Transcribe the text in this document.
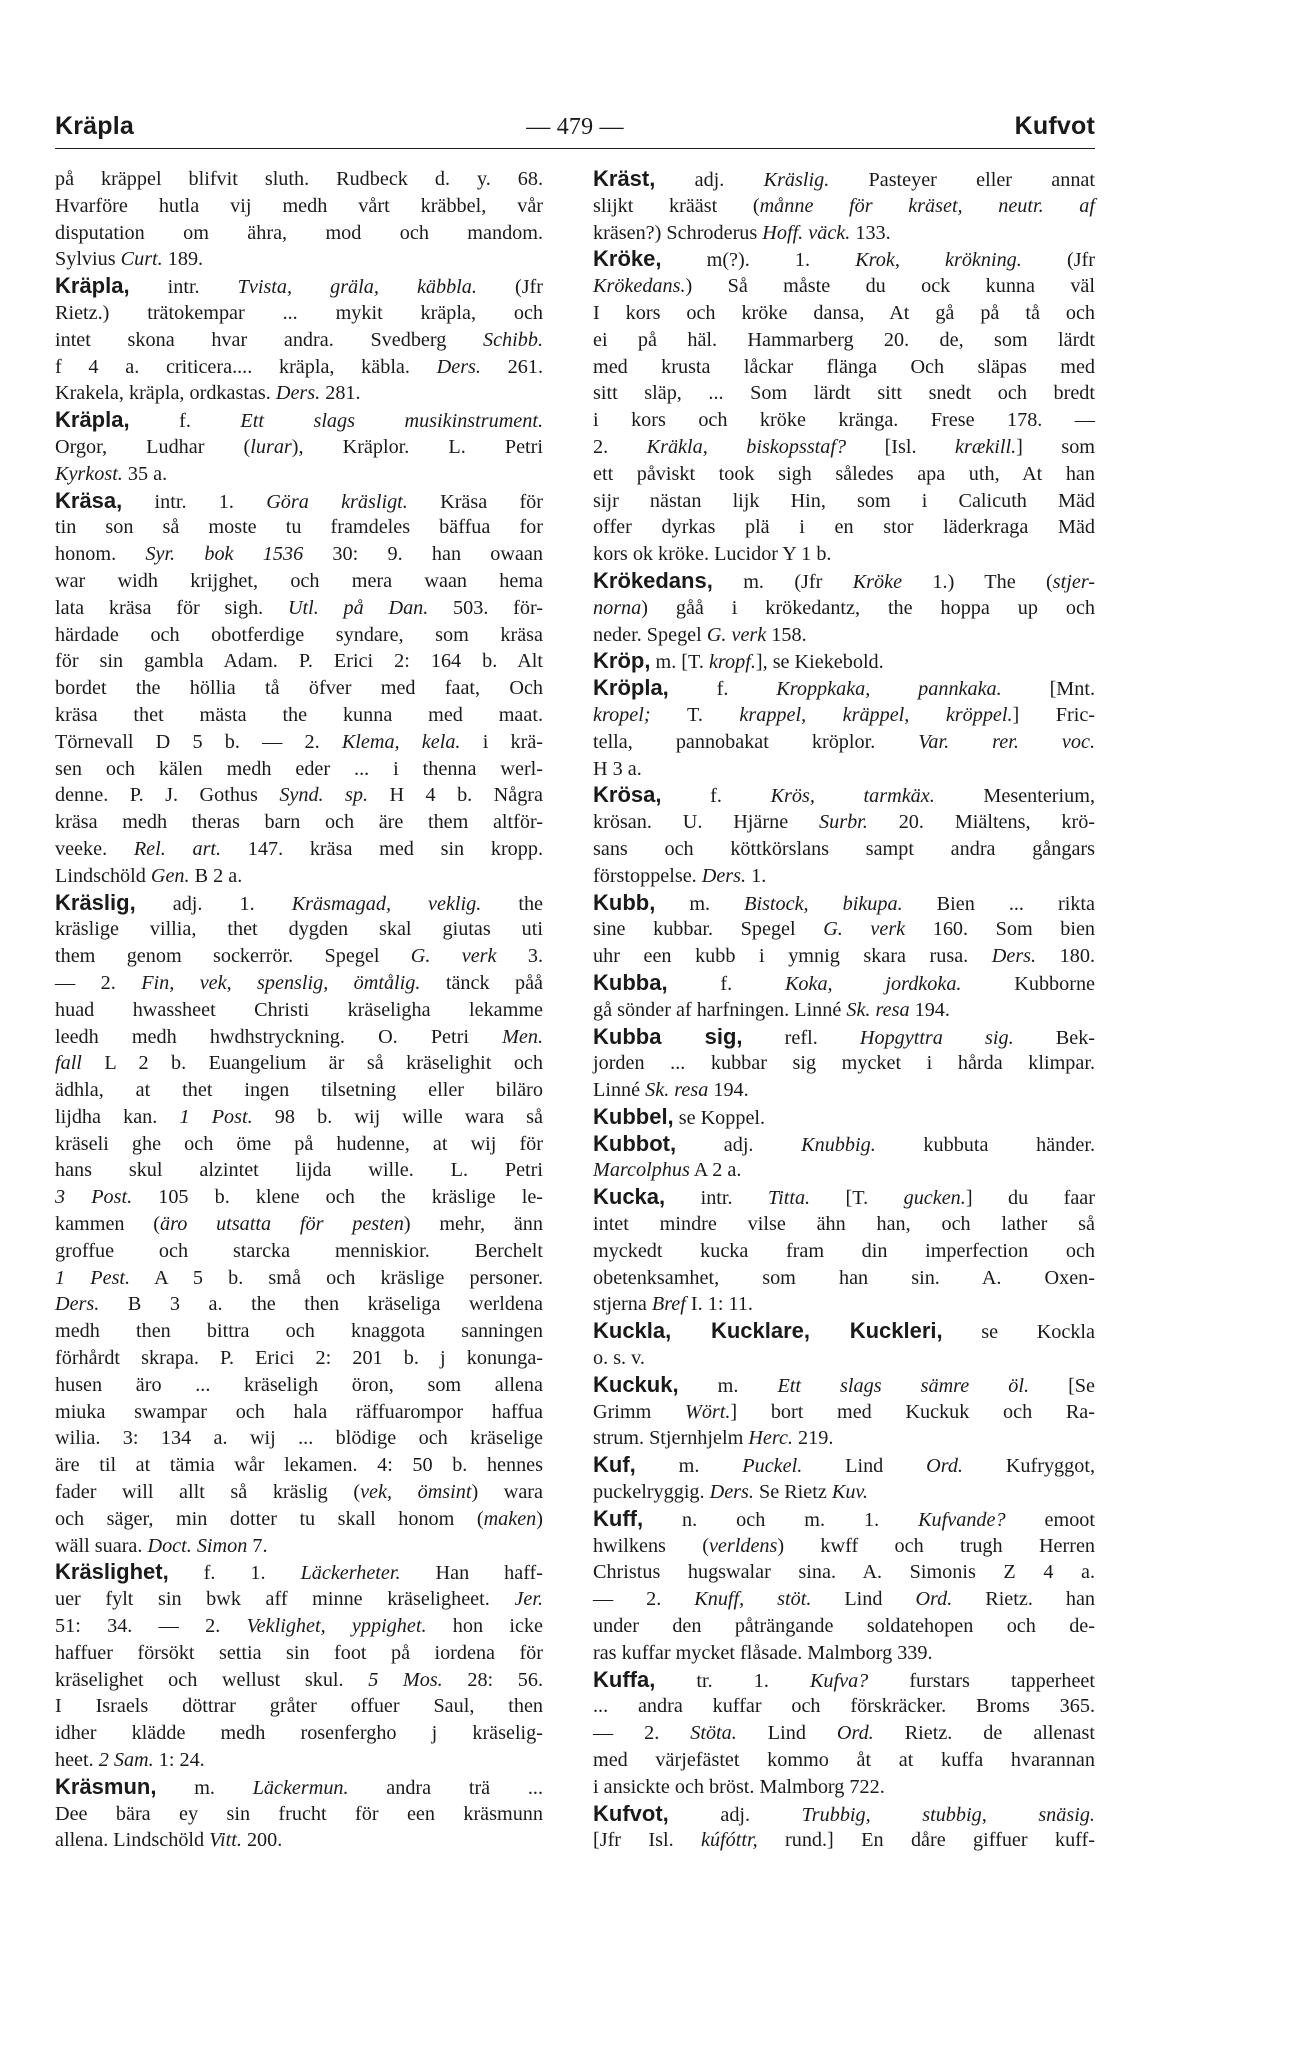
Kräpla	— 479 —	Kufvot
på kräppel blifvit sluth. Rudbeck d. y. 68.
Hvarföre hutla vij medh vårt kräbbel, vår
disputation om ähra, mod och mandom.
Sylvius Curt. 189.
Kräpla, intr. Tvista, gräla, käbbla. (Jfr
Rietz.) trätokempar ... mykit kräpla, och
intet skona hvar andra. Svedberg Schibb.
f 4 a. criticera.... kräpla, käbla. Ders. 261.
Krakela, kräpla, ordkastas. Ders. 281.
Kräpla, f. Ett slags musikinstrument.
Orgor, Ludhar (lurar), Kräplor. L. Petri
Kyrkost. 35 a.
Kräsa, intr. 1. Göra kräsligt. Kräsa för
tin son så moste tu framdeles bäffua for
honom. Syr. bok 1536 30: 9. han owaan
war widh krijghet, och mera waan hema
lata kräsa för sigh. Utl. på Dan. 503. för-
härdade och obotferdige syndare, som kräsa
för sin gambla Adam. P. Erici 2: 164 b. Alt
bordet the höllia tå öfver med faat, Och
kräsa thet mästa the kunna med maat.
Törnevall D 5 b. — 2. Klema, kela. i krä-
sen och kälen medh eder ... i thenna werl-
denne. P. J. Gothus Synd. sp. H 4 b. Några
kräsa medh theras barn och äre them altför-
veeke. Rel. art. 147. kräsa med sin kropp.
Lindschöld Gen. B 2 a.
Kräslig, adj. 1. Kräsmagad, veklig. the
kräslige villia, thet dygden skal giutas uti
them genom sockerrör. Spegel G. verk 3.
— 2. Fin, vek, spenslig, ömtålig. tänck påå
huad hwassheet Christi kräseligha lekamme
leedh medh hwdhstryckning. O. Petri Men.
fall L 2 b. Euangelium är så kräselighit och
ädhla, at thet ingen tilsetning eller biläro
lijdha kan. 1 Post. 98 b. wij wille wara så
kräseli ghe och öme på hudenne, at wij för
hans skul alzintet lijda wille. L. Petri
3 Post. 105 b. klene och the kräslige le-
kammen (äro utsatta för pesten) mehr, änn
groffue och starcka menniskior. Berchelt
1 Pest. A 5 b. små och kräslige personer.
Ders. B 3 a. the then kräseliga werldena
medh then bittra och knaggota sanningen
förhårdt skrapa. P. Erici 2: 201 b. j konunga-
husen äro ... kräseligh öron, som allena
miuka swampar och hala räffuarompor haffua
wilia. 3: 134 a. wij ... blödige och kräselige
äre til at tämia wår lekamen. 4: 50 b. hennes
fader will allt så kräslig (vek, ömsint) wara
och säger, min dotter tu skall honom (maken)
wäll suara. Doct. Simon 7.
Kräslighet, f. 1. Läckerheter. Han haff-
uer fylt sin bwk aff minne kräseligheet. Jer.
51: 34. — 2. Veklighet, yppighet. hon icke
haffuer försökt settia sin foot på iordena för
kräselighet och wellust skul. 5 Mos. 28: 56.
I Israels döttrar gråter offuer Saul, then
idher klädde medh rosenfergho j kräselig-
heet. 2 Sam. 1: 24.
Kräsmun, m. Läckermun. andra trä ...
Dee bära ey sin frucht för een kräsmunn
allena. Lindschöld Vitt. 200.
Kräst, adj. Kräslig. Pasteyer eller annat
slijkt krääst (månne för kräset, neutr. af
kräsen?) Schroderus Hoff. väck. 133.
Kröke, m(?). 1. Krok, krökning. (Jfr
Krökedans.) Så måste du ock kunna väl
I kors och kröke dansa, At gå på tå och
ei på häl. Hammarberg 20. de, som lärdt
med krusta låckar flänga Och släpas med
sitt släp, ... Som lärdt sitt snedt och bredt
i kors och kröke kränga. Frese 178. —
2. Kräkla, biskopsstaf? [Isl. krækill.] som
ett påviskt took sigh således apa uth, At han
sijr nästan lijk Hin, som i Calicuth Mäd
offer dyrkas plä i en stor läderkraga Mäd
kors ok kröke. Lucidor Y 1 b.
Krökedans, m. (Jfr Kröke 1.) The (stjer-
norna) gåå i krökedantz, the hoppa up och
neder. Spegel G. verk 158.
Kröp, m. [T. kropf.], se Kiekebold.
Kröpla, f. Kroppkaka, pannkaka. [Mnt.
kropel; T. krappel, kräppel, kröppel.] Fric-
tella, pannobakat kröplor. Var. rer. voc.
H 3 a.
Krösa, f. Krös, tarmkäx. Mesenterium,
krösan. U. Hjärne Surbr. 20. Miältens, krö-
sans och köttkörslans sampt andra gångars
förstoppelse. Ders. 1.
Kubb, m. Bistock, bikupa. Bien ... rikta
sine kubbar. Spegel G. verk 160. Som bien
uhr een kubb i ymnig skara rusa. Ders. 180.
Kubba, f. Koka, jordkoka. Kubborne
gå sönder af harfningen. Linné Sk. resa 194.
Kubba sig, refl. Hopgyttra sig. Bek-
jorden ... kubbar sig mycket i hårda klimpar.
Linné Sk. resa 194.
Kubbel, se Koppel.
Kubbot, adj. Knubbig. kubbuta händer.
Marcolphus A 2 a.
Kucka, intr. Titta. [T. gucken.] du faar
intet mindre vilse ähn han, och lather så
myckedt kucka fram din imperfection och
obetenksamhet, som han sin. A. Oxen-
stjerna Bref I. 1: 11.
Kuckla, Kucklare, Kuckleri, se Kockla
o. s. v.
Kuckuk, m. Ett slags sämre öl. [Se
Grimm Wört.] bort med Kuckuk och Ra-
strum. Stjernhjelm Herc. 219.
Kuf, m. Puckel. Lind Ord. Kufryggot,
puckelryggig. Ders. Se Rietz Kuv.
Kuff, n. och m. 1. Kufvande? emoot
hwilkens (verldens) kwff och trugh Herren
Christus hugswalar sina. A. Simonis Z 4 a.
— 2. Knuff, stöt. Lind Ord. Rietz. han
under den påträngande soldatehopen och de-
ras kuffar mycket flåsade. Malmborg 339.
Kuffa, tr. 1. Kufva? furstars tapperheet
... andra kuffar och förskräcker. Broms 365.
— 2. Stöta. Lind Ord. Rietz. de allenast
med värjefästet kommo åt at kuffa hvarannan
i ansickte och bröst. Malmborg 722.
Kufvot, adj. Trubbig, stubbig, snäsig.
[Jfr Isl. kúfóttr, rund.] En dåre giffuer kuff-
